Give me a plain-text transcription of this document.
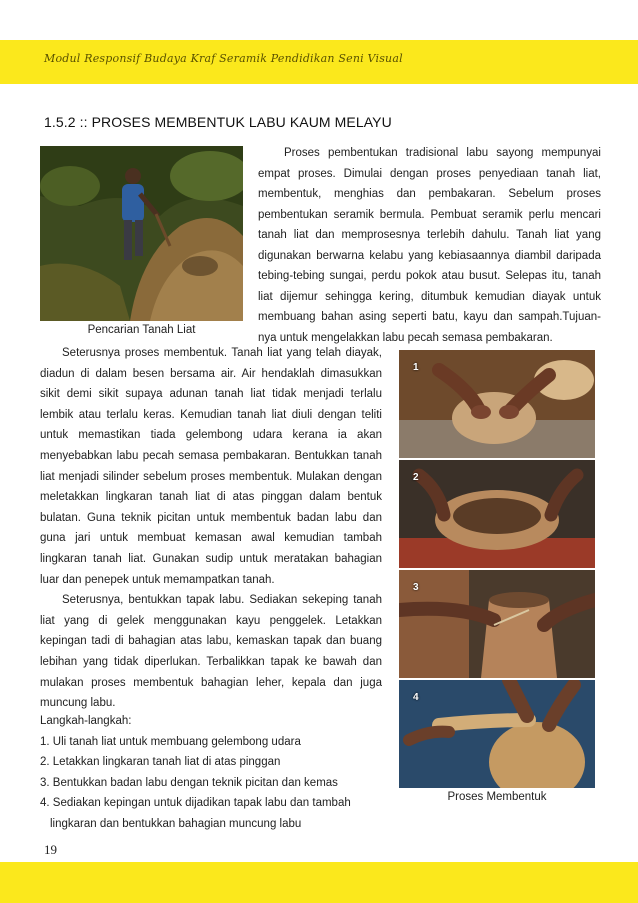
Modul Responsif Budaya Kraf Seramik Pendidikan Seni Visual
1.5.2 :: PROSES MEMBENTUK LABU KAUM MELAYU
Pencarian Tanah Liat

Proses pembentukan tradisional labu sayong mempunyai empat proses. Dimulai dengan proses penyediaan tanah liat, membentuk, menghias dan pembakaran. Sebelum proses pembentukan seramik bermula. Pembuat seramik perlu mencari tanah liat dan memprosesnya terlebih dahulu. Tanah liat yang digunakan berwarna kelabu yang kebiasaannya diambil daripada tebing-tebing sungai, perdu pokok atau busut. Selepas itu, tanah liat dijemur sehingga kering, ditumbuk kemudian diayak untuk membuang bahan asing seperti batu, kayu dan sampah.Tujuan-nya untuk mengelakkan labu pecah semasa pembakaran.

Seterusnya proses membentuk. Tanah liat yang telah diayak, diadun di dalam besen bersama air. Air hendaklah dimasukkan sikit demi sikit supaya adunan tanah liat tidak menjadi terlalu lembik atau terlalu keras. Kemudian tanah liat diuli dengan teliti untuk memastikan tiada gelembong udara kerana ia akan menyebabkan labu pecah semasa pembakaran. Bentukkan tanah liat menjadi silinder sebelum proses membentuk. Mulakan dengan meletakkan lingkaran tanah liat di atas pinggan dalam bentuk bulatan. Guna teknik picitan untuk membentuk badan labu dan guna jari untuk membuat kemasan awal kemudian tambah lingkaran tanah liat. Gunakan sudip untuk meratakan bahagian luar dan penepek untuk memampatkan tanah.

Seterusnya, bentukkan tapak labu. Sediakan sekeping tanah liat yang di gelek menggunakan kayu penggelek. Letakkan kepingan tadi di bahagian atas labu, kemaskan tapak dan buang lebihan yang tidak diperlukan. Terbalikkan tapak ke bawah dan mulakan proses membentuk bahagian leher, kepala dan juga muncung labu.

Langkah-langkah:
1. Uli tanah liat untuk membuang gelembong udara
2. Letakkan lingkaran tanah liat di atas pinggan
3. Bentukkan badan labu dengan teknik picitan dan kemas
4. Sediakan kepingan untuk dijadikan tapak labu dan tambah
lingkaran dan bentukkan bahagian muncung labu
1
2
3
4
Proses Membentuk
19
